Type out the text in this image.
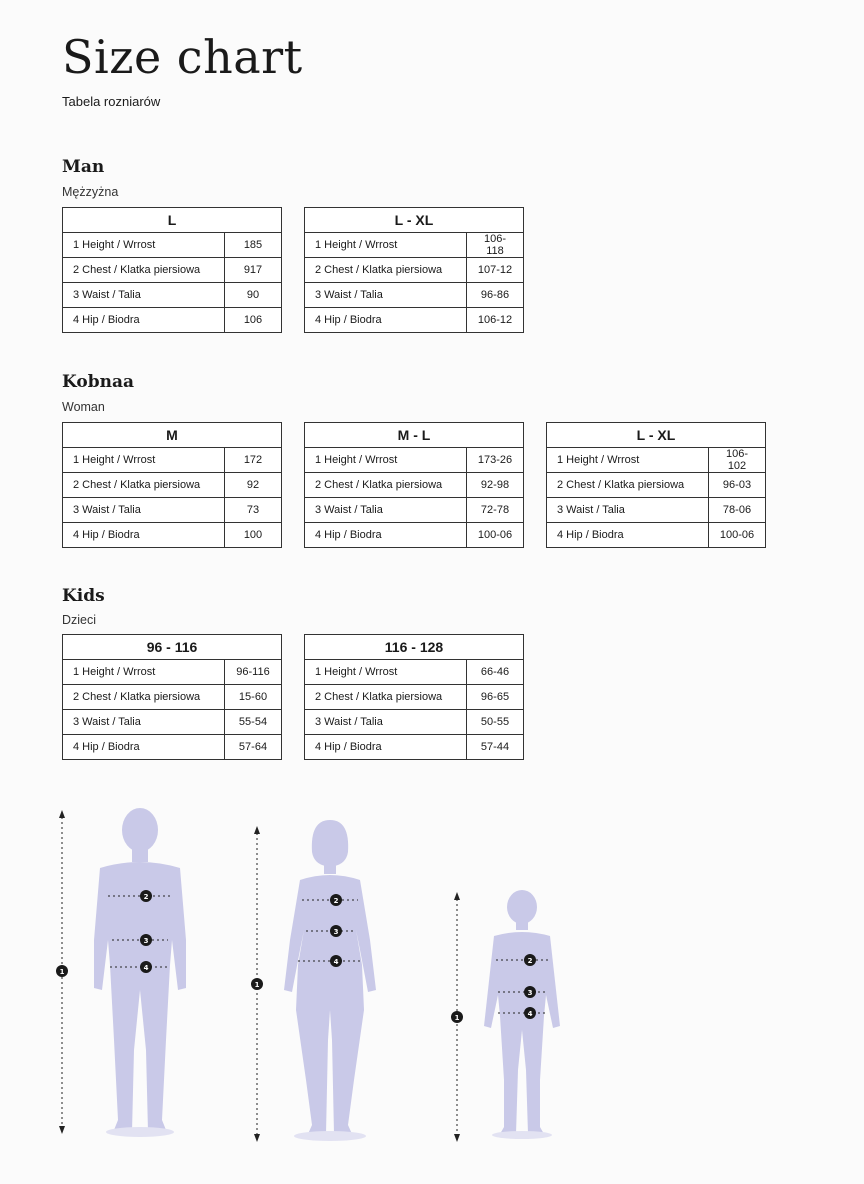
Size chart
Tabela rozniarów
Man
Mężzyżna
L	
1 Height / Wrrost	185
2 Chest / Klatka piersiowa	917
3 Waist / Talia	90
4 Hip / Biodra	106
L - XL	
1 Height / Wrrost	106-118
2 Chest / Klatka piersiowa	107-12
3 Waist / Talia	96-86
4 Hip / Biodra	106-12
Kobnaa
Woman
M	
1 Height / Wrrost	172
2 Chest / Klatka piersiowa	92
3 Waist / Talia	73
4 Hip / Biodra	100
M - L	
1 Height / Wrrost	173-26
2 Chest / Klatka piersiowa	92-98
3 Waist / Talia	72-78
4 Hip / Biodra	100-06
L - XL	
1 Height / Wrrost	106-102
2 Chest / Klatka piersiowa	96-03
3 Waist / Talia	78-06
4 Hip / Biodra	100-06
Kids
Dzieci
96 - 116	
1 Height / Wrrost	96-116
2 Chest / Klatka piersiowa	15-60
3 Waist / Talia	55-54
4 Hip / Biodra	57-64
116 - 128	
1 Height / Wrrost	66-46
2 Chest / Klatka piersiowa	96-65
3 Waist / Talia	50-55
4 Hip / Biodra	57-44
1
2
3
4
1
2
3
4
1
2
3
4
